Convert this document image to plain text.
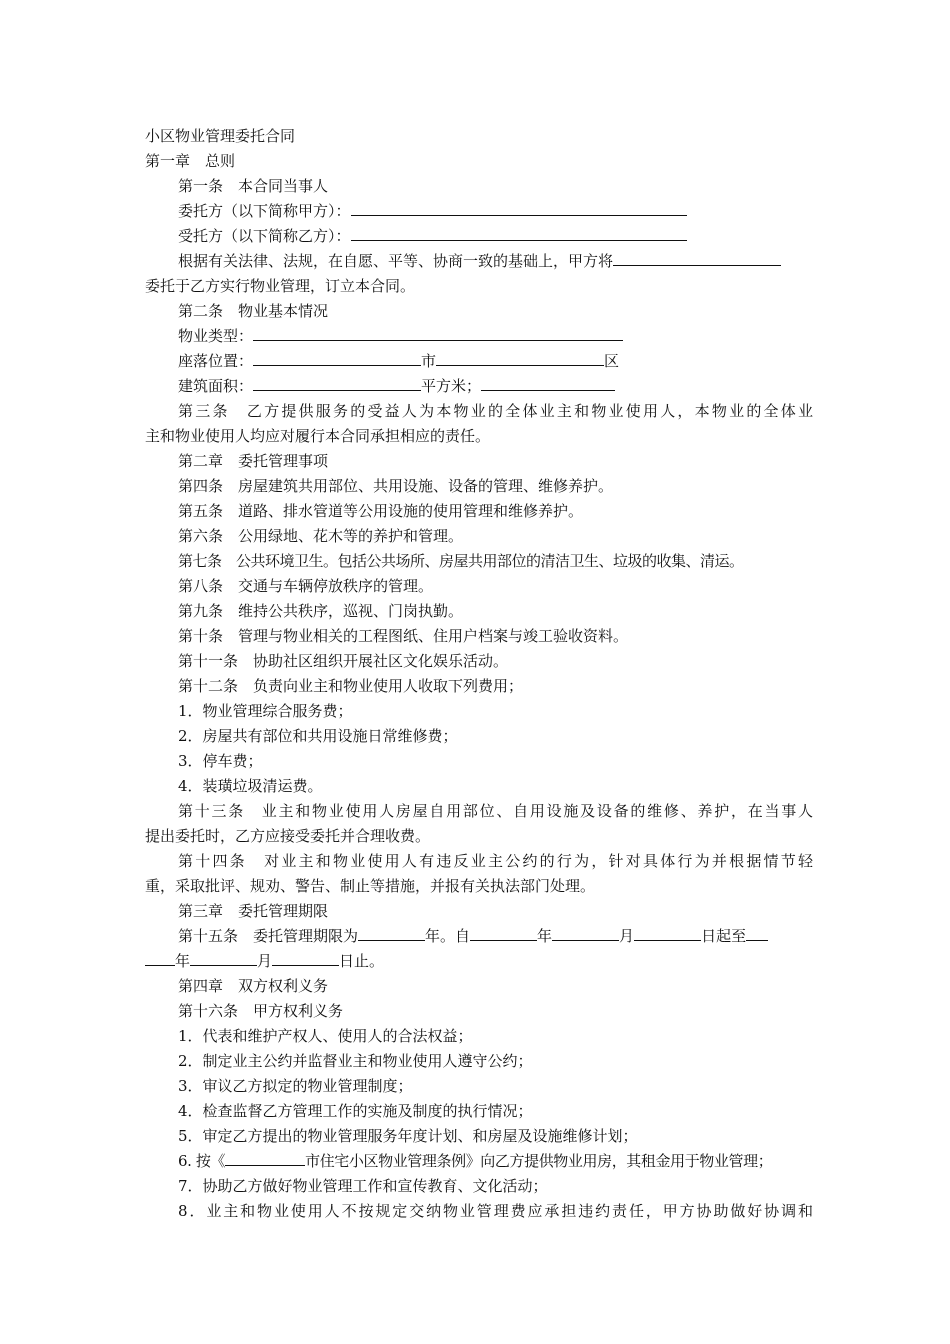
小区物业管理委托合同
第一章　总则
第一条　本合同当事人
委托方（以下简称甲方）：
受托方（以下简称乙方）：
根据有关法律、法规，在自愿、平等、协商一致的基础上，甲方将
委托于乙方实行物业管理，订立本合同。
第二条　物业基本情况
物业类型：
座落位置：	市	区
建筑面积：	平方米；
第三条　乙方提供服务的受益人为本物业的全体业主和物业使用人，本物业的全体业
主和物业使用人均应对履行本合同承担相应的责任。
第二章　委托管理事项
第四条　房屋建筑共用部位、共用设施、设备的管理、维修养护。
第五条　道路、排水管道等公用设施的使用管理和维修养护。
第六条　公用绿地、花木等的养护和管理。
第七条　公共环境卫生。包括公共场所、房屋共用部位的清洁卫生、垃圾的收集、清运。
第八条　交通与车辆停放秩序的管理。
第九条　维持公共秩序，巡视、门岗执勤。
第十条　管理与物业相关的工程图纸、住用户档案与竣工验收资料。
第十一条　协助社区组织开展社区文化娱乐活动。
第十二条　负责向业主和物业使用人收取下列费用；
1．物业管理综合服务费；
2．房屋共有部位和共用设施日常维修费；
3．停车费；
4．装璜垃圾清运费。
第十三条　业主和物业使用人房屋自用部位、自用设施及设备的维修、养护，在当事人
提出委托时，乙方应接受委托并合理收费。
第十四条　对业主和物业使用人有违反业主公约的行为，针对具体行为并根据情节轻
重，采取批评、规劝、警告、制止等措施，并报有关执法部门处理。
第三章　委托管理期限
第十五条　委托管理期限为	年。自	年	月	日起至
年	月	日止。
第四章　双方权利义务
第十六条　甲方权利义务
1．代表和维护产权人、使用人的合法权益；
2．制定业主公约并监督业主和物业使用人遵守公约；
3．审议乙方拟定的物业管理制度；
4．检查监督乙方管理工作的实施及制度的执行情况；
5．审定乙方提出的物业管理服务年度计划、和房屋及设施维修计划；
6. 按《	市住宅小区物业管理条例》向乙方提供物业用房，其租金用于物业管理；
7．协助乙方做好物业管理工作和宣传教育、文化活动；
8．业主和物业使用人不按规定交纳物业管理费应承担违约责任，甲方协助做好协调和
